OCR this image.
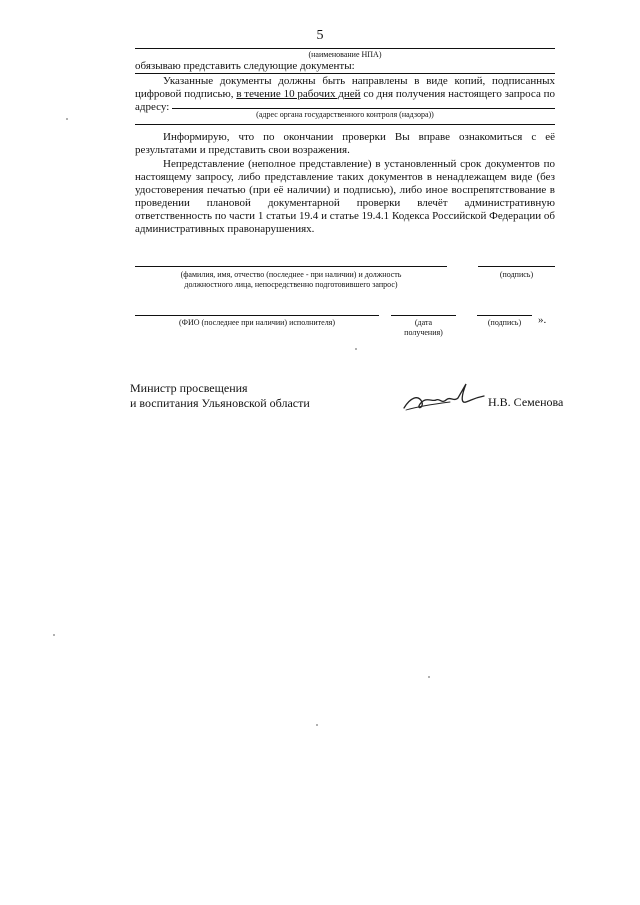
5
(наименование НПА)
обязываю представить следующие документы:
Указанные документы должны быть направлены в виде копий, подписанных
цифровой подписью, в течение 10 рабочих дней со дня получения настоящего запроса по
адресу:
(адрес органа государственного контроля (надзора))
Информирую, что по окончании проверки Вы вправе ознакомиться с её
результатами и представить свои возражения.
Непредставление (неполное представление) в установленный срок документов по
настоящему запросу, либо представление таких документов в ненадлежащем виде (без
удостоверения печатью (при её наличии) и подписью), либо иное воспрепятствование в
проведении плановой документарной проверки влечёт административную
ответственность по части 1 статьи 19.4 и статье 19.4.1 Кодекса Российской Федерации об
административных правонарушениях.
(фамилия, имя, отчество (последнее - при наличии) и должность
должностного лица, непосредственно подготовившего запрос)
(подпись)
(ФИО (последнее при наличии) исполнителя)	(дата
получения)
(подпись)	».
Министр просвещения
и воспитания Ульяновской области	Н.В. Семенова
